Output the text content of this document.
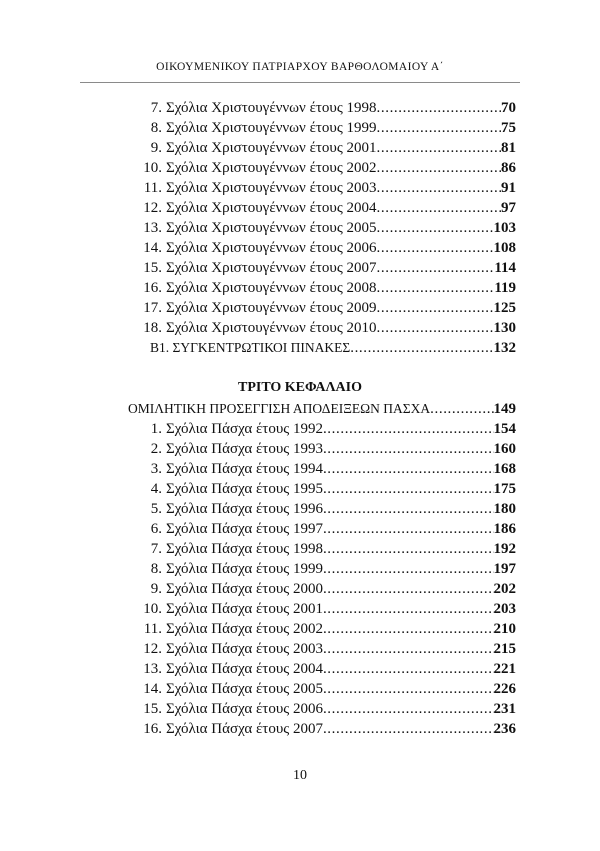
ΟΙΚΟΥΜΕΝΙΚΟΥ ΠΑΤΡΙΑΡΧΟΥ ΒΑΡΘΟΛΟΜΑΙΟΥ Α΄
7. Σχόλια Χριστουγέννων έτους 1998 .....	70
8. Σχόλια Χριστουγέννων έτους 1999 .....	75
9. Σχόλια Χριστουγέννων έτους 2001 .....	81
10. Σχόλια Χριστουγέννων έτους 2002 .....	86
11. Σχόλια Χριστουγέννων έτους 2003 .....	91
12. Σχόλια Χριστουγέννων έτους 2004 .....	97
13. Σχόλια Χριστουγέννων έτους 2005 .....	103
14. Σχόλια Χριστουγέννων έτους 2006 .....	108
15. Σχόλια Χριστουγέννων έτους 2007 .....	114
16. Σχόλια Χριστουγέννων έτους 2008 .....	119
17. Σχόλια Χριστουγέννων έτους 2009 .....	125
18. Σχόλια Χριστουγέννων έτους 2010 .....	130
Β1. ΣΥΓΚΕΝΤΡΩΤΙΚΟΙ ΠΙΝΑΚΕΣ .....	132
ΤΡΙΤΟ ΚΕΦΑΛΑΙΟ
ΟΜΙΛΗΤΙΚΗ ΠΡΟΣΕΓΓΙΣΗ ΑΠΟΔΕΙΞΕΩΝ ΠΑΣΧΑ .....	149
1. Σχόλια Πάσχα έτους 1992 .....	154
2. Σχόλια Πάσχα έτους 1993 .....	160
3. Σχόλια Πάσχα έτους 1994 .....	168
4. Σχόλια Πάσχα έτους 1995 .....	175
5. Σχόλια Πάσχα έτους 1996 .....	180
6. Σχόλια Πάσχα έτους 1997 .....	186
7. Σχόλια Πάσχα έτους 1998 .....	192
8. Σχόλια Πάσχα έτους 1999 .....	197
9. Σχόλια Πάσχα έτους 2000 .....	202
10. Σχόλια Πάσχα έτους 2001 .....	203
11. Σχόλια Πάσχα έτους 2002 .....	210
12. Σχόλια Πάσχα έτους 2003 .....	215
13. Σχόλια Πάσχα έτους 2004 .....	221
14. Σχόλια Πάσχα έτους 2005 .....	226
15. Σχόλια Πάσχα έτους 2006 .....	231
16. Σχόλια Πάσχα έτους 2007 .....	236
10
